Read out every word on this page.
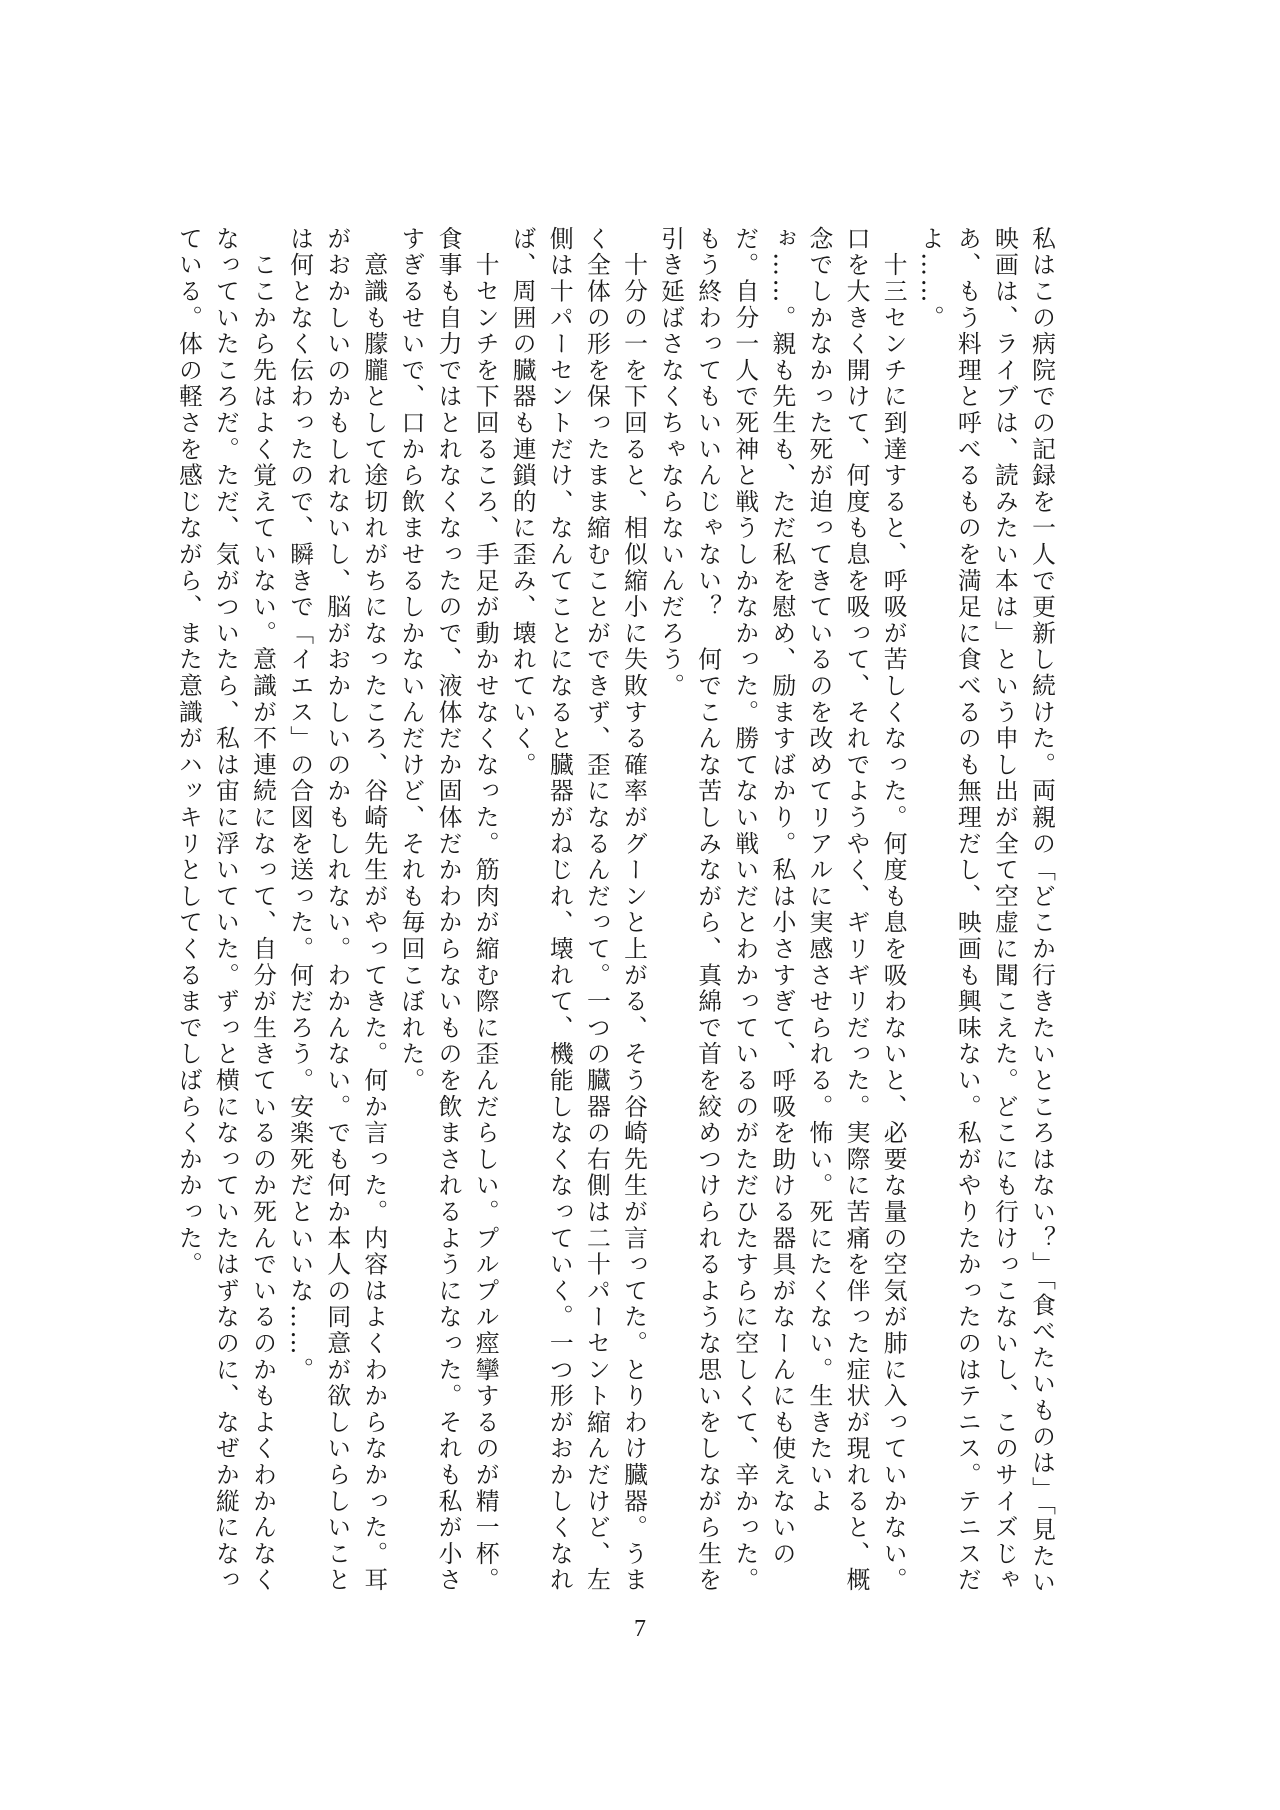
私はこの病院での記録を一人で更新し続けた。両親の「どこか行きたいところはない？」「食べたいものは」「見たい映画は、ライブは、読みたい本は」という申し出が全て空虚に聞こえた。どこにも行けっこないし、このサイズじゃあ、もう料理と呼べるものを満足に食べるのも無理だし、映画も興味ない。私がやりたかったのはテニス。テニスだよ……。

　十三センチに到達すると、呼吸が苦しくなった。何度も息を吸わないと、必要な量の空気が肺に入っていかない。口を大きく開けて、何度も息を吸って、それでようやく、ギリギリだった。実際に苦痛を伴った症状が現れると、概念でしかなかった死が迫ってきているのを改めてリアルに実感させられる。怖い。死にたくない。生きたいよぉ……。親も先生も、ただ私を慰め、励ますばかり。私は小さすぎて、呼吸を助ける器具がなーんにも使えないのだ。自分一人で死神と戦うしかなかった。勝てない戦いだとわかっているのがただひたすらに空しくて、辛かった。もう終わってもいいんじゃない？　何でこんな苦しみながら、真綿で首を絞めつけられるような思いをしながら生を引き延ばさなくちゃならないんだろう。

　十分の一を下回ると、相似縮小に失敗する確率がグーンと上がる、そう谷崎先生が言ってた。とりわけ臓器。うまく全体の形を保ったまま縮むことができず、歪になるんだって。一つの臓器の右側は二十パーセント縮んだけど、左側は十パーセントだけ、なんてことになると臓器がねじれ、壊れて、機能しなくなっていく。一つ形がおかしくなれば、周囲の臓器も連鎖的に歪み、壊れていく。

　十センチを下回るころ、手足が動かせなくなった。筋肉が縮む際に歪んだらしい。プルプル痙攣するのが精一杯。食事も自力ではとれなくなったので、液体だか固体だかわからないものを飲まされるようになった。それも私が小さすぎるせいで、口から飲ませるしかないんだけど、それも毎回こぼれた。

　意識も朦朧として途切れがちになったころ、谷崎先生がやってきた。何か言った。内容はよくわからなかった。耳がおかしいのかもしれないし、脳がおかしいのかもしれない。わかんない。でも何か本人の同意が欲しいらしいことは何となく伝わったので、瞬きで「イエス」の合図を送った。何だろう。安楽死だといいな……。

　ここから先はよく覚えていない。意識が不連続になって、自分が生きているのか死んでいるのかもよくわかんなくなっていたころだ。ただ、気がついたら、私は宙に浮いていた。ずっと横になっていたはずなのに、なぜか縦になっている。体の軽さを感じながら、また意識がハッキリとしてくるまでしばらくかかった。

7
